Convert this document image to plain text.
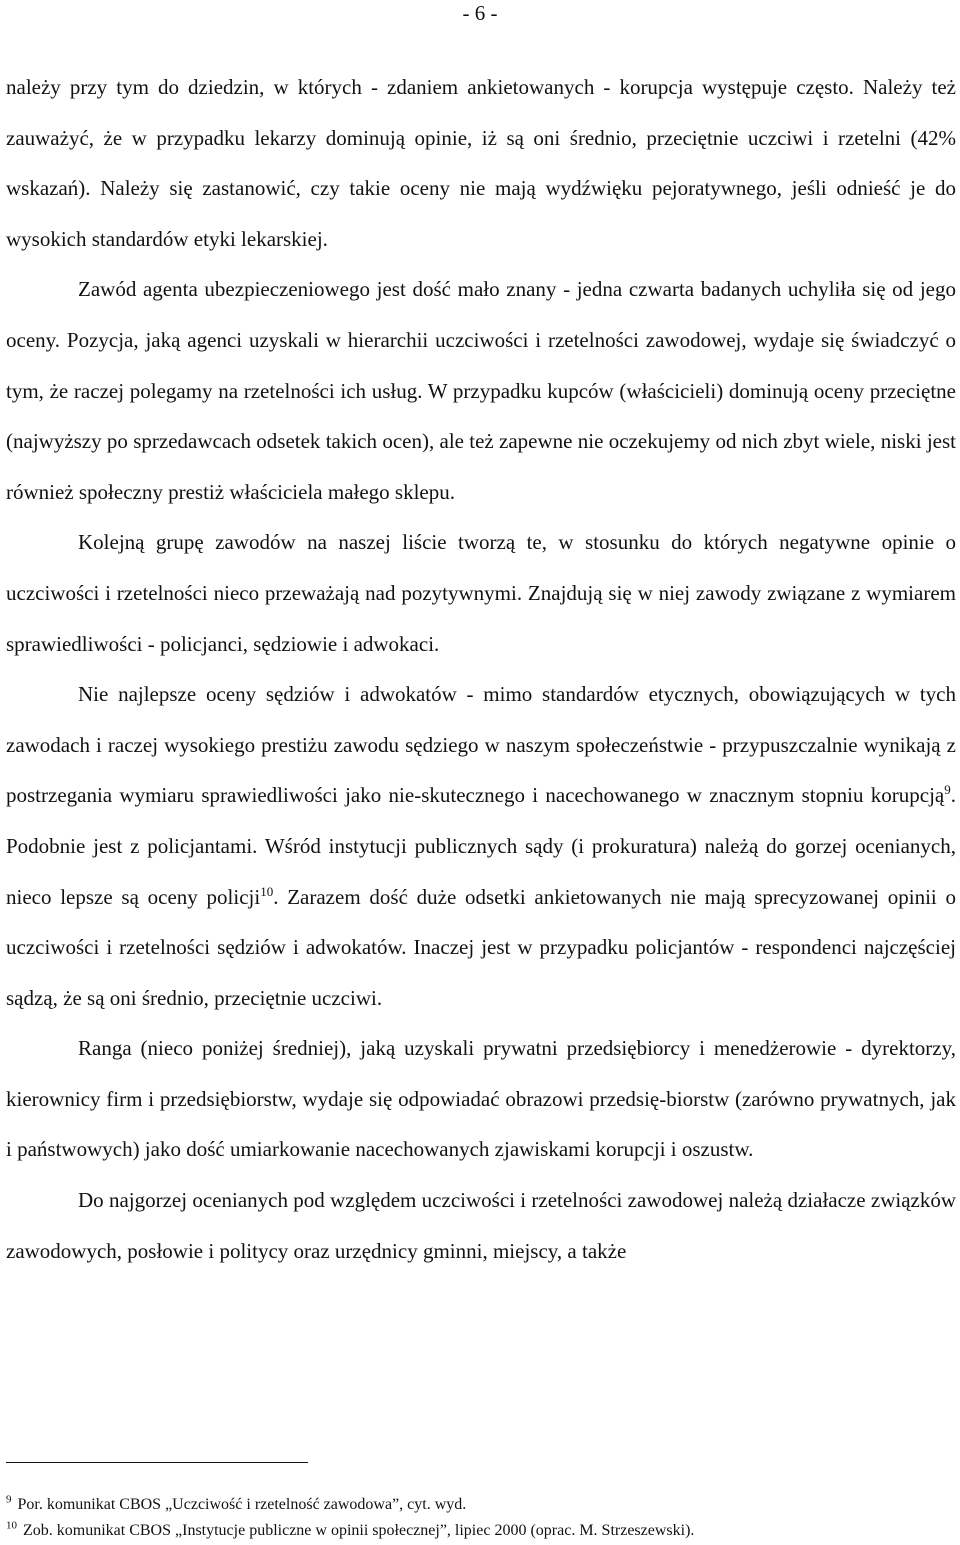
- 6 -

należy przy tym do dziedzin, w których - zdaniem ankietowanych - korupcja występuje często. Należy też zauważyć, że w przypadku lekarzy dominują opinie, iż są oni średnio, przeciętnie uczciwi i rzetelni (42% wskazań). Należy się zastanowić, czy takie oceny nie mają wydźwięku pejoratywnego, jeśli odnieść je do wysokich standardów etyki lekarskiej.

Zawód agenta ubezpieczeniowego jest dość mało znany - jedna czwarta badanych uchyliła się od jego oceny. Pozycja, jaką agenci uzyskali w hierarchii uczciwości i rzetelności zawodowej, wydaje się świadczyć o tym, że raczej polegamy na rzetelności ich usług. W przypadku kupców (właścicieli) dominują oceny przeciętne (najwyższy po sprzedawcach odsetek takich ocen), ale też zapewne nie oczekujemy od nich zbyt wiele, niski jest również społeczny prestiż właściciela małego sklepu.

Kolejną grupę zawodów na naszej liście tworzą te, w stosunku do których negatywne opinie o uczciwości i rzetelności nieco przeważają nad pozytywnymi. Znajdują się w niej zawody związane z wymiarem sprawiedliwości - policjanci, sędziowie i adwokaci.

Nie najlepsze oceny sędziów i adwokatów - mimo standardów etycznych, obowiązujących w tych zawodach i raczej wysokiego prestiżu zawodu sędziego w naszym społeczeństwie - przypuszczalnie wynikają z postrzegania wymiaru sprawiedliwości jako nie-skutecznego i nacechowanego w znacznym stopniu korupcją$^9$. Podobnie jest z policjantami. Wśród instytucji publicznych sądy (i prokuratura) należą do gorzej ocenianych, nieco lepsze są oceny policji$^{10}$. Zarazem dość duże odsetki ankietowanych nie mają sprecyzowanej opinii o uczciwości i rzetelności sędziów i adwokatów. Inaczej jest w przypadku policjantów - respondenci najczęściej sądzą, że są oni średnio, przeciętnie uczciwi.

Ranga (nieco poniżej średniej), jaką uzyskali prywatni przedsiębiorcy i menedżerowie - dyrektorzy, kierownicy firm i przedsiębiorstw, wydaje się odpowiadać obrazowi przedsię-biorstw (zarówno prywatnych, jak i państwowych) jako dość umiarkowanie nacechowanych zjawiskami korupcji i oszustw.

Do najgorzej ocenianych pod względem uczciwości i rzetelności zawodowej należą działacze związków zawodowych, posłowie i politycy oraz urzędnicy gminni, miejscy, a także

$^9$ Por. komunikat CBOS „Uczciwość i rzetelność zawodowa”, cyt. wyd.

$^{10}$ Zob. komunikat CBOS „Instytucje publiczne w opinii społecznej”, lipiec 2000 (oprac. M. Strzeszewski).
